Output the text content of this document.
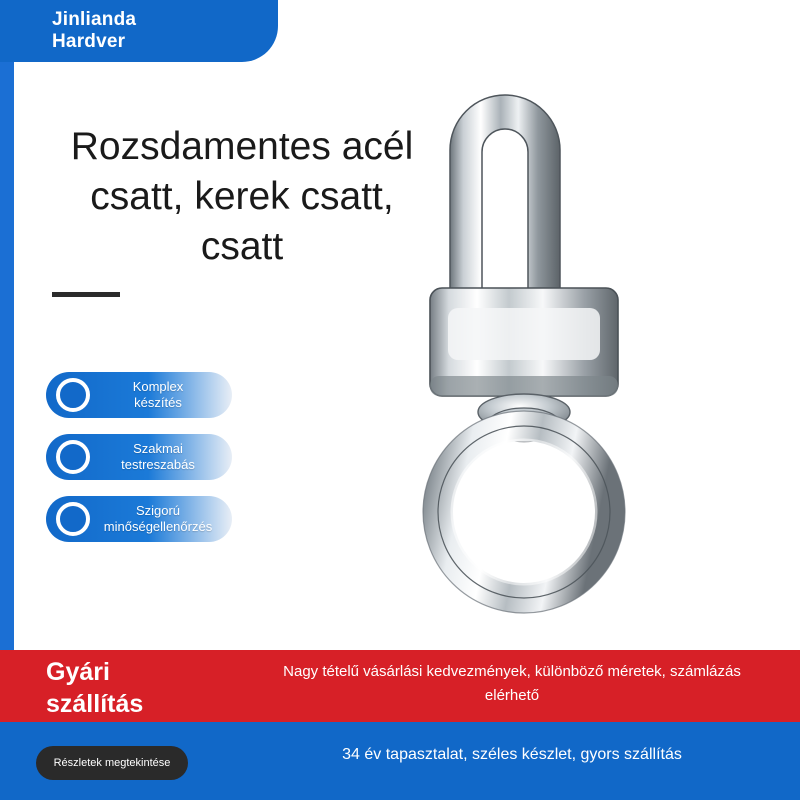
Jinlianda
Hardver
Rozsdamentes acél csatt, kerek csatt, csatt
Komplex
készítés
Szakmai
testreszabás
Szigorú
minőségellenőrzés
Gyári
szállítás
Nagy tételű vásárlási kedvezmények, különböző méretek, számlázás elérhető
34 év tapasztalat, széles készlet, gyors szállítás
Részletek megtekintése
